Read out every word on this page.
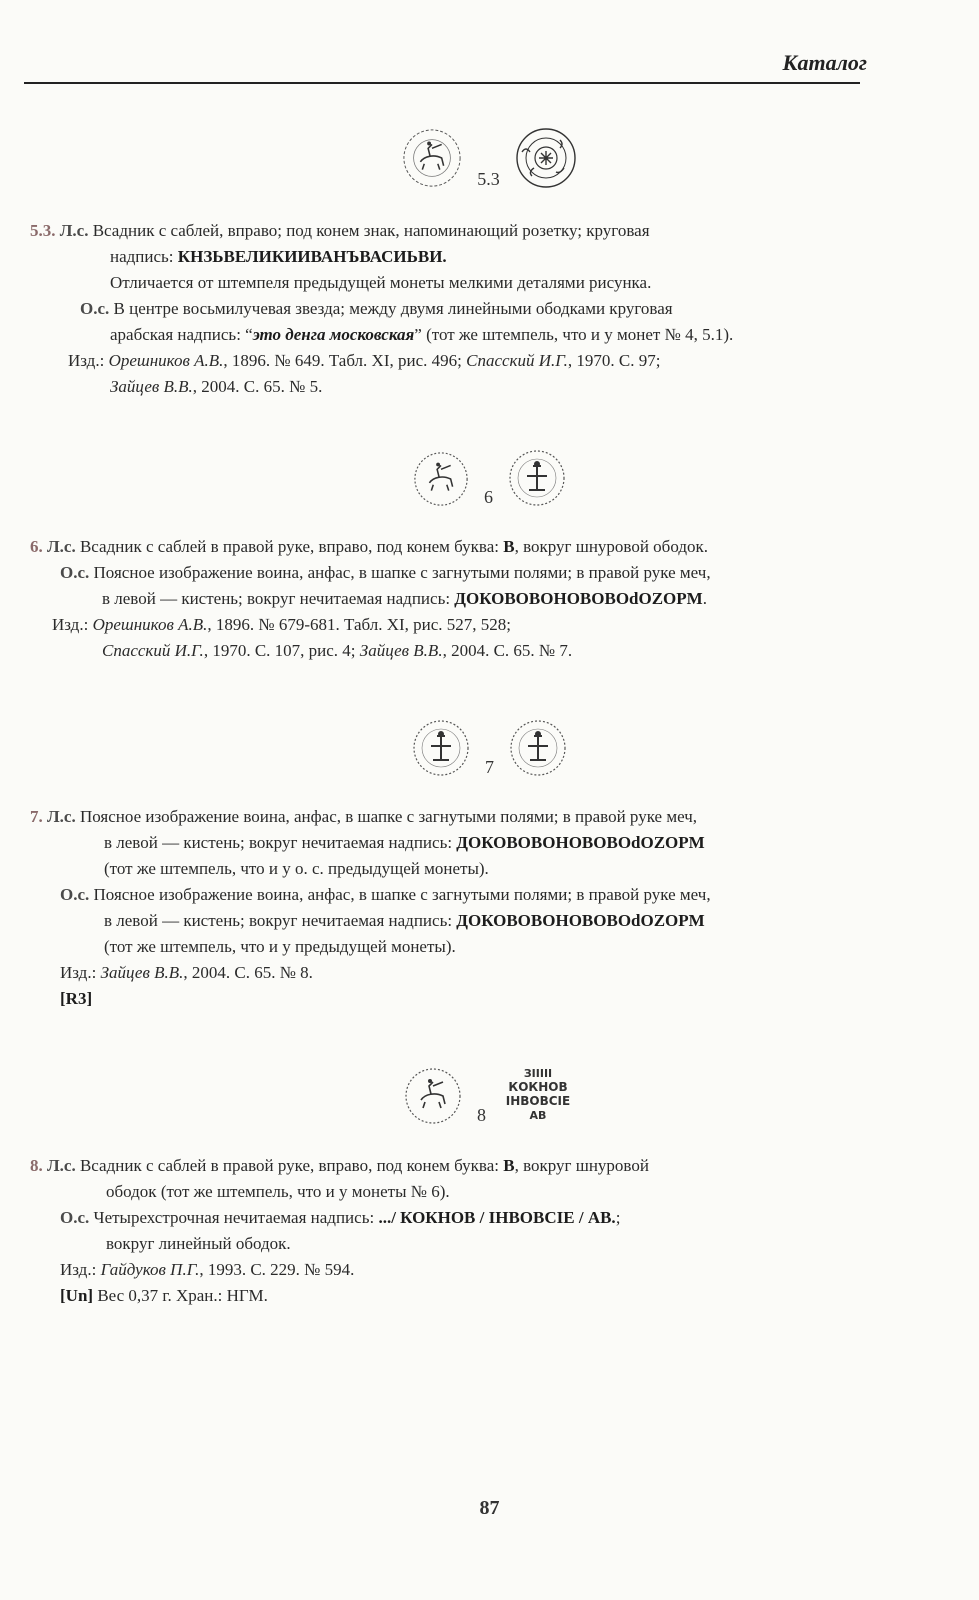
Каталог
5.3
5.3. Л.с. Всадник с саблей, вправо; под конем знак, напоминающий розетку; круговая
надпись: КНЗЬВЕЛИКИИВАНЪВАСИЬВИ.
Отличается от штемпеля предыдущей монеты мелкими деталями рисунка.
О.с. В центре восьмилучевая звезда; между двумя линейными ободками круговая
арабская надпись: “это денга московская” (тот же штемпель, что и у монет № 4, 5.1).
Изд.: Орешников А.В., 1896. № 649. Табл. XI, рис. 496; Спасский И.Г., 1970. С. 97;
Зайцев В.В., 2004. С. 65. № 5.
6
6. Л.с. Всадник с саблей в правой руке, вправо, под конем буква: В, вокруг шнуровой ободок.
О.с. Поясное изображение воина, анфас, в шапке с загнутыми полями; в правой руке меч,
в левой — кистень; вокруг нечитаемая надпись: ДОКОВОВОНОВОВОdOZOPM.
Изд.: Орешников А.В., 1896. № 679-681. Табл. XI, рис. 527, 528;
Спасский И.Г., 1970. С. 107, рис. 4; Зайцев В.В., 2004. С. 65. № 7.
7
7. Л.с. Поясное изображение воина, анфас, в шапке с загнутыми полями; в правой руке меч,
в левой — кистень; вокруг нечитаемая надпись: ДОКОВОВОНОВОВОdOZOPM
(тот же штемпель, что и у о. с. предыдущей монеты).
О.с. Поясное изображение воина, анфас, в шапке с загнутыми полями; в правой руке меч,
в левой — кистень; вокруг нечитаемая надпись: ДОКОВОВОНОВОВОdOZOPM
(тот же штемпель, что и у предыдущей монеты).
Изд.: Зайцев В.В., 2004. С. 65. № 8.
[R3]
8
ЗІІІІІ
КОКНОВ
ІНВОВСІЕ
АВ
8. Л.с. Всадник с саблей в правой руке, вправо, под конем буква: В, вокруг шнуровой
ободок (тот же штемпель, что и у монеты № 6).
О.с. Четырехстрочная нечитаемая надпись: .../ КОКНОВ / ІНВОВСІЕ / АВ.;
вокруг линейный ободок.
Изд.: Гайдуков П.Г., 1993. С. 229. № 594.
[Un] Вес 0,37 г. Хран.: НГМ.
87
